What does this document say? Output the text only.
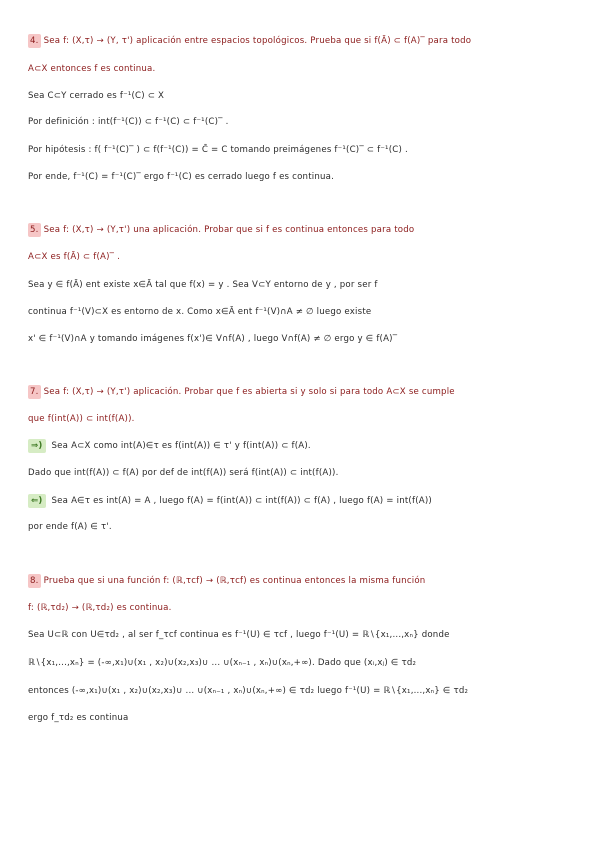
4. Sea f: (X,τ) → (Y, τ') aplicación entre espacios topológicos. Prueba que si f(Ā) ⊂ f(A)‾ para todo
A⊂X entonces f es continua.
Sea C⊂Y cerrado es f⁻¹(C) ⊂ X
Por definición : int(f⁻¹(C)) ⊂ f⁻¹(C) ⊂ f⁻¹(C)‾ .
Por hipótesis : f( f⁻¹(C)‾ ) ⊂ f(f⁻¹(C)) = C̄ = C tomando preimágenes f⁻¹(C)‾ ⊂ f⁻¹(C) .
Por ende, f⁻¹(C) = f⁻¹(C)‾ ergo f⁻¹(C) es cerrado luego f es continua.
5. Sea f: (X,τ) → (Y,τ') una aplicación. Probar que si f es continua entonces para todo
A⊂X es f(Ā) ⊂ f(A)‾ .
Sea y ∈ f(Ā) ent existe x∈Ā tal que f(x) = y . Sea V⊂Y entorno de y , por ser f
continua f⁻¹(V)⊂X es entorno de x. Como x∈Ā ent f⁻¹(V)∩A ≠ ∅ luego existe
x' ∈ f⁻¹(V)∩A y tomando imágenes f(x')∈ V∩f(A) , luego V∩f(A) ≠ ∅ ergo y ∈ f(A)‾
7. Sea f: (X,τ) → (Y,τ') aplicación. Probar que f es abierta si y solo si para todo A⊂X se cumple
que f(int(A)) ⊂ int(f(A)).
⇒) Sea A⊂X como int(A)∈τ es f(int(A)) ∈ τ' y f(int(A)) ⊂ f(A).
Dado que int(f(A)) ⊂ f(A) por def de int(f(A)) será f(int(A)) ⊂ int(f(A)).
⇐) Sea A∈τ es int(A) = A , luego f(A) = f(int(A)) ⊂ int(f(A)) ⊂ f(A) , luego f(A) = int(f(A))
por ende f(A) ∈ τ'.
8. Prueba que si una función f: (ℝ,τcf) → (ℝ,τcf) es continua entonces la misma función
f: (ℝ,τd₂) → (ℝ,τd₂) es continua.
Sea U⊂ℝ con U∈τd₂ , al ser f_τcf continua es f⁻¹(U) ∈ τcf , luego f⁻¹(U) = ℝ∖{x₁,...,xₙ} donde
ℝ∖{x₁,...,xₙ} = (-∞,x₁)∪(x₁ , x₂)∪(x₂,x₃)∪ ... ∪(xₙ₋₁ , xₙ)∪(xₙ,+∞). Dado que (xᵢ,xⱼ) ∈ τd₂
entonces (-∞,x₁)∪(x₁ , x₂)∪(x₂,x₃)∪ ... ∪(xₙ₋₁ , xₙ)∪(xₙ,+∞) ∈ τd₂ luego f⁻¹(U) = ℝ∖{x₁,...,xₙ} ∈ τd₂
ergo f_τd₂ es continua
